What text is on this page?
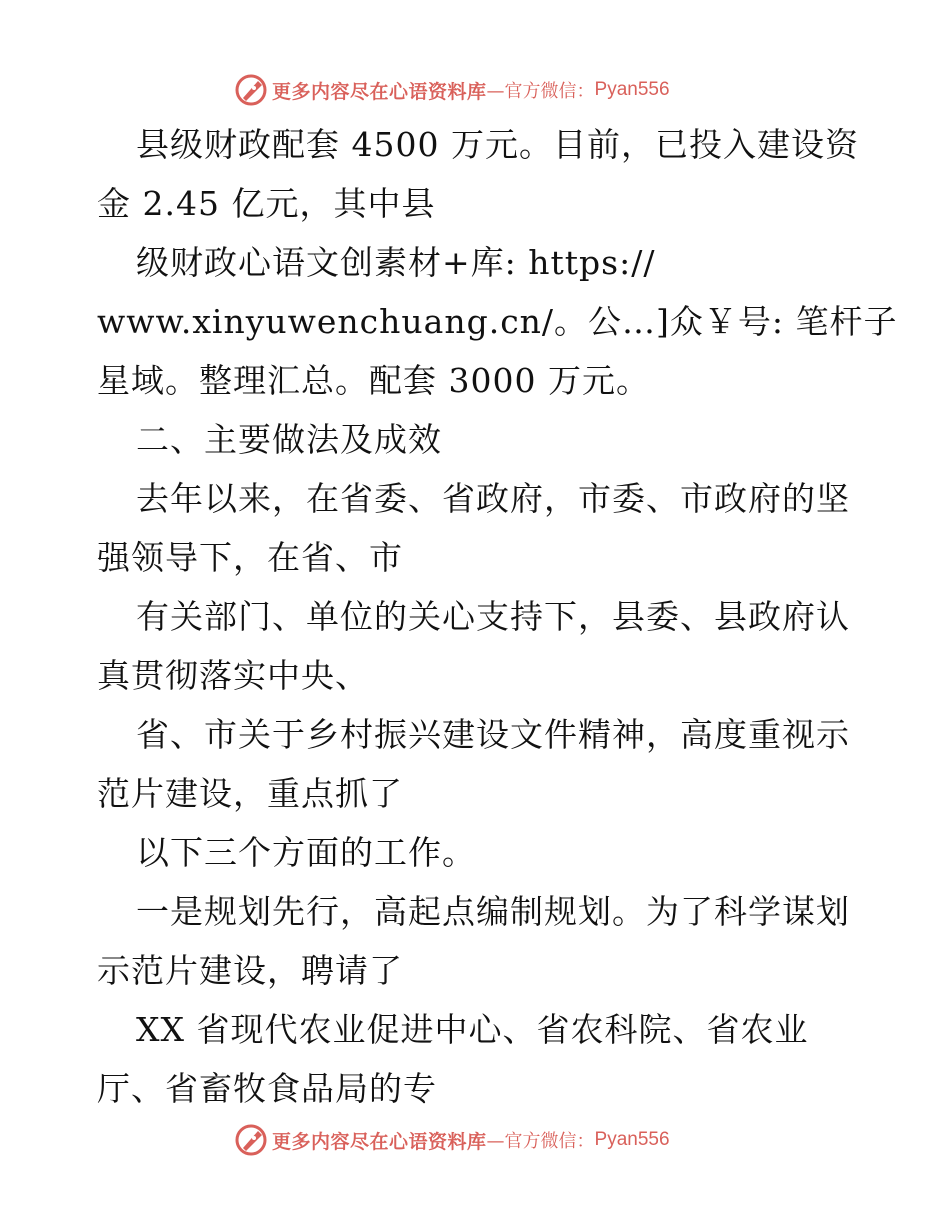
更多内容尽在心语资料库 —官方微信： Pyan556

县级财政配套 4500 万元。目前，已投入建设资

金 2.45 亿元，其中县

级财政心语文创素材+库: https://

www.xinyuwenchuang.cn/。公…]众￥号: 笔杆子

星域。整理汇总。配套 3000 万元。

二、主要做法及成效

去年以来，在省委、省政府，市委、市政府的坚

强领导下，在省、市

有关部门、单位的关心支持下，县委、县政府认

真贯彻落实中央、

省、市关于乡村振兴建设文件精神，高度重视示

范片建设，重点抓了

以下三个方面的工作。

一是规划先行，高起点编制规划。为了科学谋划

示范片建设，聘请了

XX 省现代农业促进中心、省农科院、省农业

厅、省畜牧食品局的专

更多内容尽在心语资料库 —官方微信： Pyan556
